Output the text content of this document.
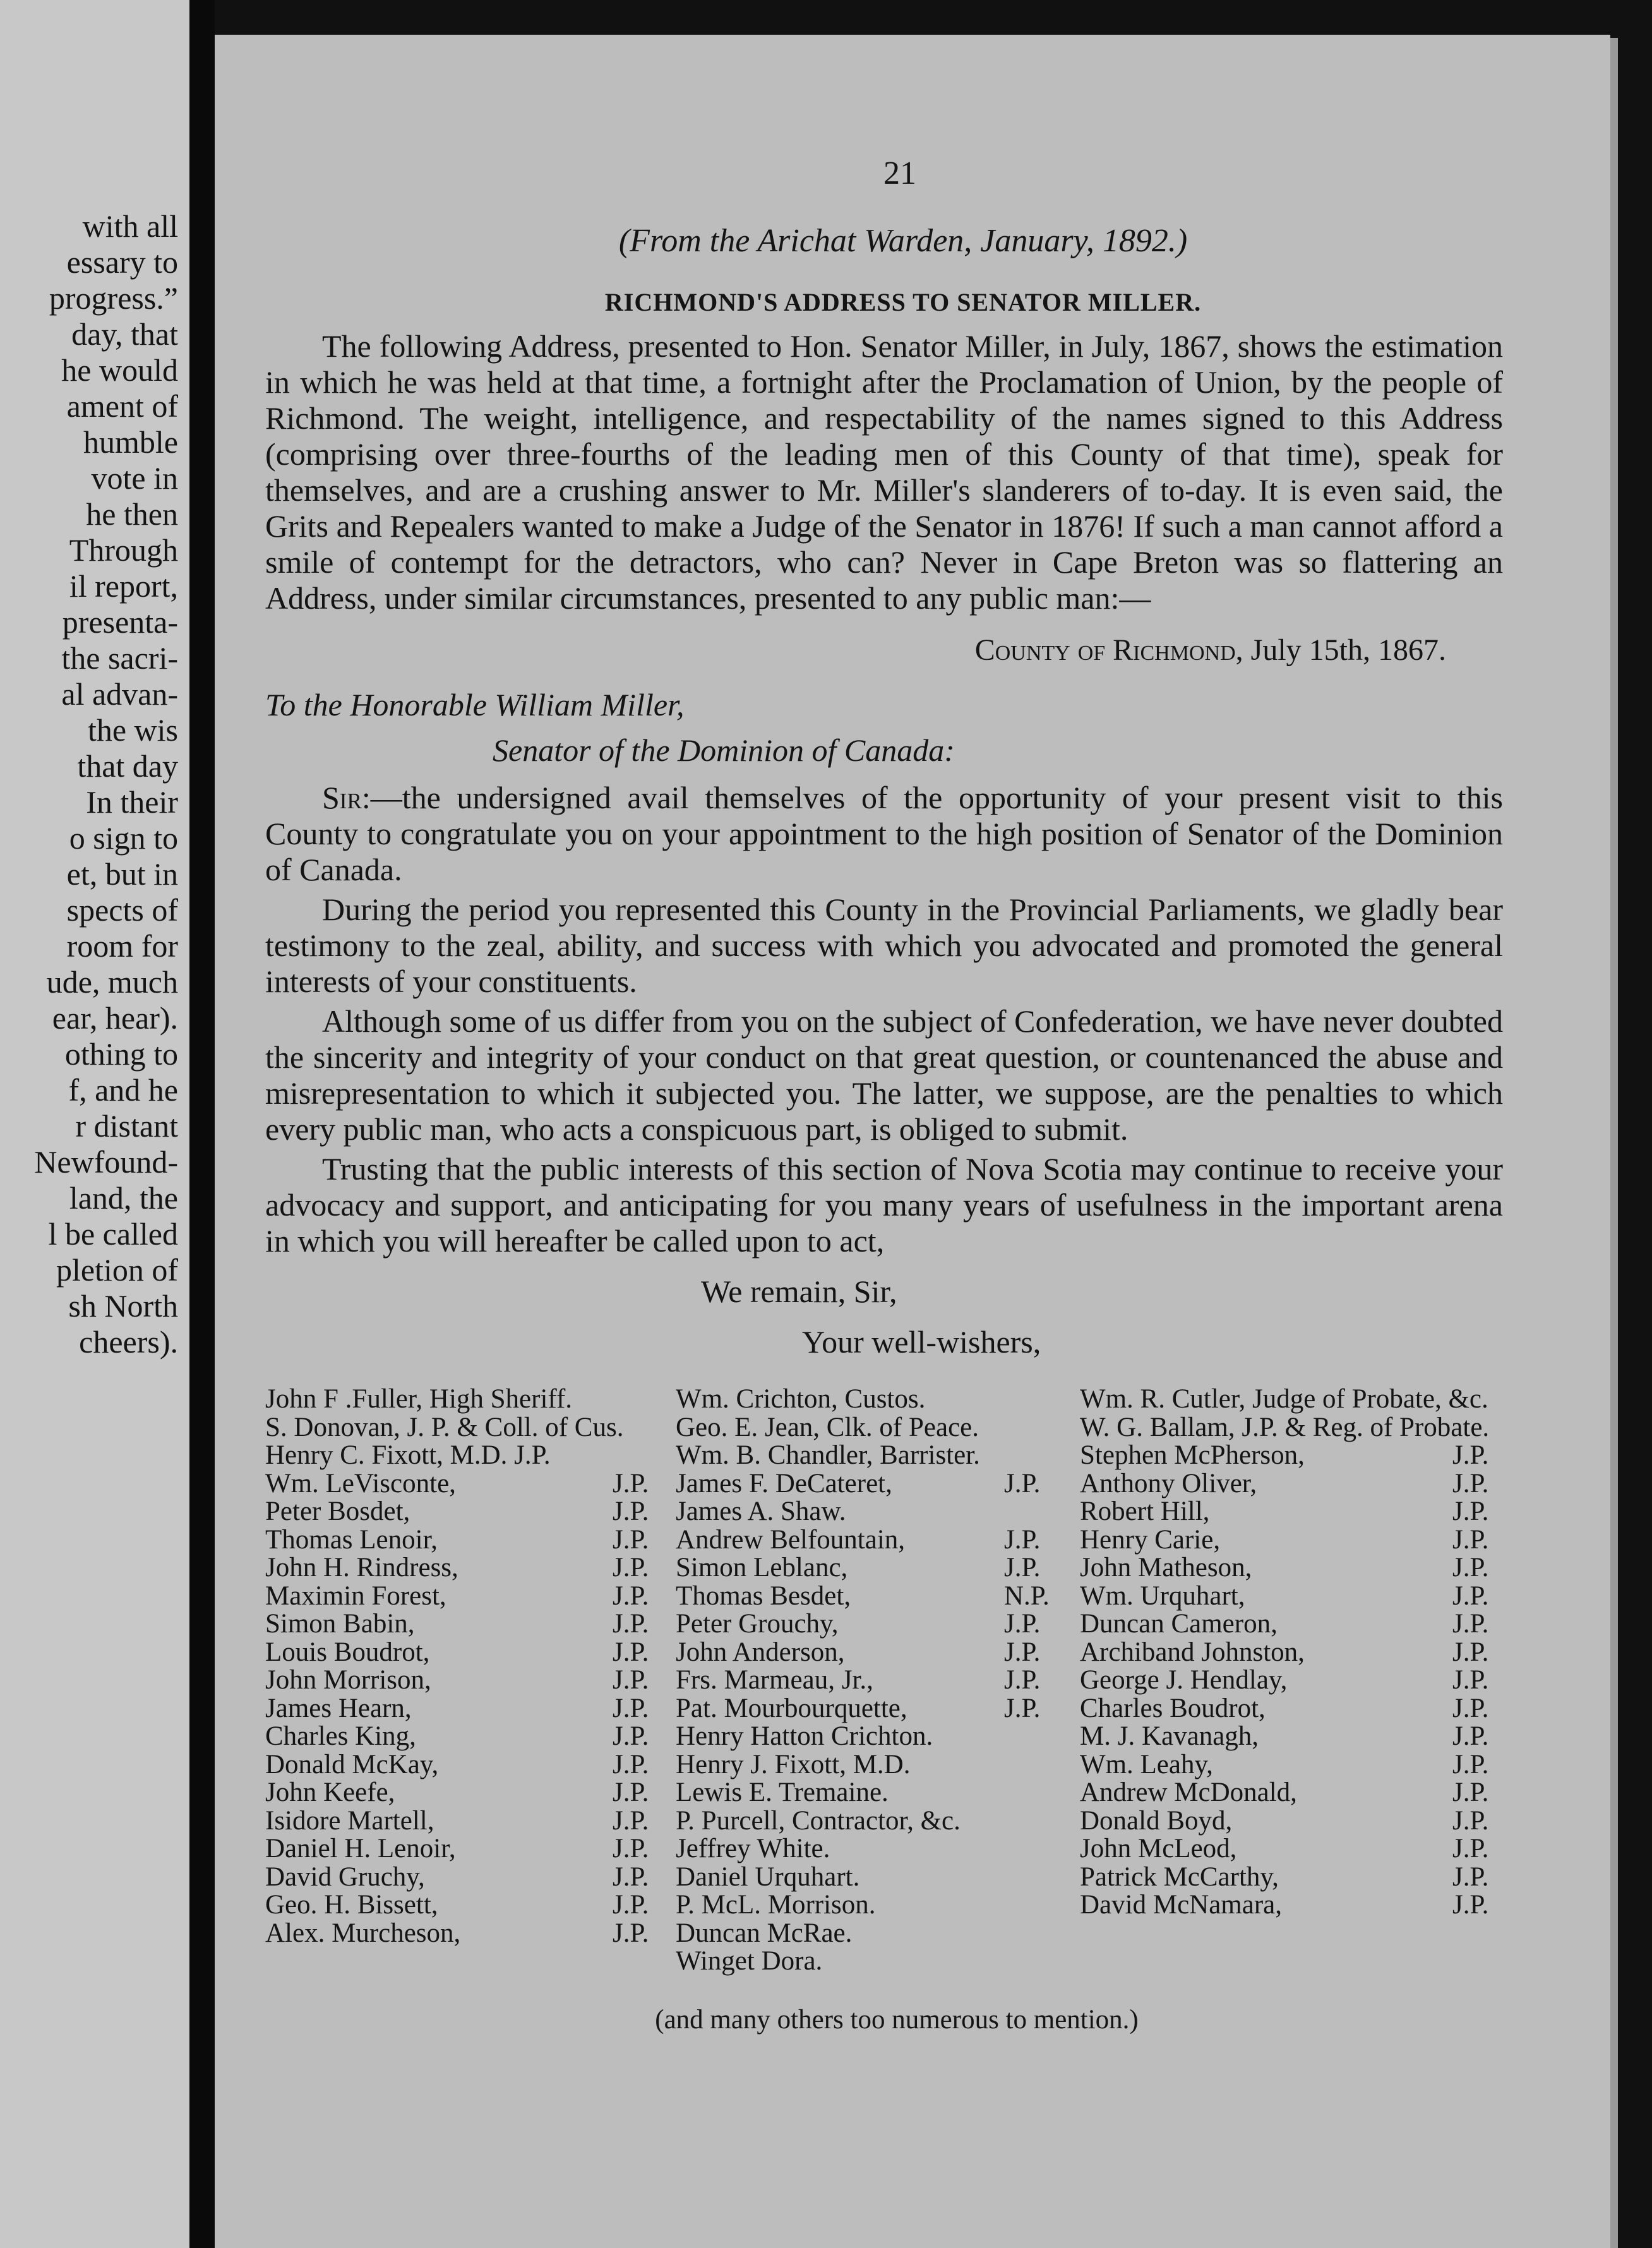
with all
essary to
progress.”
day, that
he would
ament of
humble
vote in
he then
Through
il report,
presenta-
the sacri-
al advan-
the wis
that day
In their
o sign to
et, but in
spects of
room for
ude, much
ear, hear).
othing to
f, and he
r distant
Newfound-
land, the
l be called
pletion of
sh North
cheers).
21
(From the Arichat Warden, January, 1892.)
RICHMOND'S ADDRESS TO SENATOR MILLER.
The following Address, presented to Hon. Senator Miller, in July, 1867, shows the estimation in which he was held at that time, a fortnight after the Proclamation of Union, by the people of Richmond. The weight, intelligence, and respectability of the names signed to this Address (comprising over three-fourths of the leading men of this County of that time), speak for themselves, and are a crushing answer to Mr. Miller's slanderers of to-day. It is even said, the Grits and Repealers wanted to make a Judge of the Senator in 1876! If such a man cannot afford a smile of contempt for the detractors, who can? Never in Cape Breton was so flattering an Address, under similar circumstances, presented to any public man:—
County of Richmond, July 15th, 1867.
To the Honorable William Miller,
Senator of the Dominion of Canada:
Sir:—the undersigned avail themselves of the opportunity of your present visit to this County to congratulate you on your appointment to the high position of Senator of the Dominion of Canada.
During the period you represented this County in the Provincial Parliaments, we gladly bear testimony to the zeal, ability, and success with which you advocated and promoted the general interests of your constituents.
Although some of us differ from you on the subject of Confederation, we have never doubted the sincerity and integrity of your conduct on that great question, or countenanced the abuse and misrepresentation to which it subjected you. The latter, we suppose, are the penalties to which every public man, who acts a conspicuous part, is obliged to submit.
Trusting that the public interests of this section of Nova Scotia may continue to receive your advocacy and support, and anticipating for you many years of usefulness in the important arena in which you will hereafter be called upon to act,
We remain, Sir,
Your well-wishers,
John F .Fuller, High Sheriff.
S. Donovan, J. P. & Coll. of Cus.
Henry C. Fixott, M.D. J.P.
Wm. LeVisconte,	J.P.
Peter Bosdet,	J.P.
Thomas Lenoir,	J.P.
John H. Rindress,	J.P.
Maximin Forest,	J.P.
Simon Babin,	J.P.
Louis Boudrot,	J.P.
John Morrison,	J.P.
James Hearn,	J.P.
Charles King,	J.P.
Donald McKay,	J.P.
John Keefe,	J.P.
Isidore Martell,	J.P.
Daniel H. Lenoir,	J.P.
David Gruchy,	J.P.
Geo. H. Bissett,	J.P.
Alex. Murcheson,	J.P.
Wm. Crichton, Custos.
Geo. E. Jean, Clk. of Peace.
Wm. B. Chandler, Barrister.
James F. DeCateret,	J.P.
James A. Shaw.
Andrew Belfountain,	J.P.
Simon Leblanc,	J.P.
Thomas Besdet,	N.P.
Peter Grouchy,	J.P.
John Anderson,	J.P.
Frs. Marmeau, Jr.,	J.P.
Pat. Mourbourquette,	J.P.
Henry Hatton Crichton.
Henry J. Fixott, M.D.
Lewis E. Tremaine.
P. Purcell, Contractor, &c.
Jeffrey White.
Daniel Urquhart.
P. McL. Morrison.
Duncan McRae.
Winget Dora.
Wm. R. Cutler, Judge of Probate, &c.
W. G. Ballam, J.P. & Reg. of Probate.
Stephen McPherson,	J.P.
Anthony Oliver,	J.P.
Robert Hill,	J.P.
Henry Carie,	J.P.
John Matheson,	J.P.
Wm. Urquhart,	J.P.
Duncan Cameron,	J.P.
Archiband Johnston,	J.P.
George J. Hendlay,	J.P.
Charles Boudrot,	J.P.
M. J. Kavanagh,	J.P.
Wm. Leahy,	J.P.
Andrew McDonald,	J.P.
Donald Boyd,	J.P.
John McLeod,	J.P.
Patrick McCarthy,	J.P.
David McNamara,	J.P.
(and many others too numerous to mention.)
